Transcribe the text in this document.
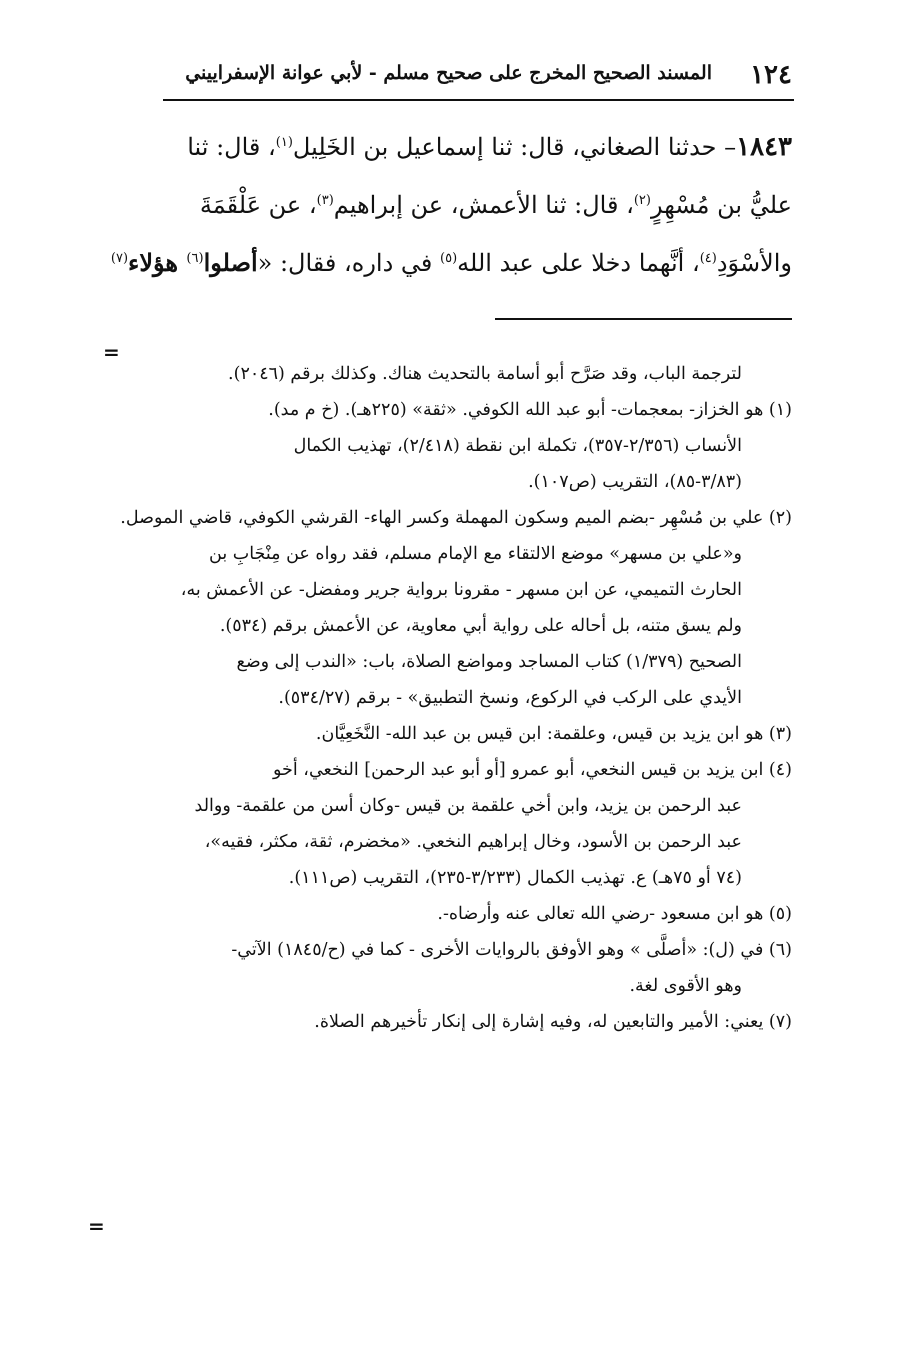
١٢٤
المسند الصحيح المخرج على صحيح مسلم - لأبي عوانة الإسفراييني
١٨٤٣– حدثنا الصغاني، قال: ثنا إسماعيل بن الخَلِيل$^{(١)}$، قال: ثنا
عليُّ بن مُسْهِرٍ$^{(٢)}$، قال: ثنا الأعمش، عن إبراهيم$^{(٣)}$، عن عَلْقَمَةَ
والأسْوَدِ$^{(٤)}$، أنَّهما دخلا على عبد الله$^{(٥)}$ في داره، فقال: «أصلوا$^{(٦)}$ هؤلاء$^{(٧)}$
=
لترجمة الباب، وقد صَرَّح أبو أسامة بالتحديث هناك. وكذلك برقم (٢٠٤٦).
(١) هو الخزاز- بمعجمات- أبو عبد الله الكوفي. «ثقة» (٢٢٥هـ). (خ م مد).
الأنساب (٢/٣٥٦-٣٥٧)، تكملة ابن نقطة (٢/٤١٨)، تهذيب الكمال
(٣/٨٣-٨٥)، التقريب (ص١٠٧).
(٢) علي بن مُسْهِر -بضم الميم وسكون المهملة وكسر الهاء- القرشي الكوفي، قاضي الموصل.
و«علي بن مسهر» موضع الالتقاء مع الإمام مسلم، فقد رواه عن مِنْجَابِ بن
الحارث التميمي، عن ابن مسهر - مقرونا برواية جرير ومفضل- عن الأعمش به،
ولم يسق متنه، بل أحاله على رواية أبي معاوية، عن الأعمش برقم (٥٣٤).
الصحيح (١/٣٧٩) كتاب المساجد ومواضع الصلاة، باب: «الندب إلى وضع
الأيدي على الركب في الركوع، ونسخ التطبيق» - برقم (٥٣٤/٢٧).
(٣) هو ابن يزيد بن قيس، وعلقمة: ابن قيس بن عبد الله- النَّخَعِيَّان.
(٤) ابن يزيد بن قيس النخعي، أبو عمرو [أو أبو عبد الرحمن] النخعي، أخو
عبد الرحمن بن يزيد، وابن أخي علقمة بن قيس -وكان أسن من علقمة- ووالد
عبد الرحمن بن الأسود، وخال إبراهيم النخعي. «مخضرم، ثقة، مكثر، فقيه»،
(٧٤ أو ٧٥هـ) ع. تهذيب الكمال (٣/٢٣٣-٢٣٥)، التقريب (ص١١١).
(٥) هو ابن مسعود -رضي الله تعالى عنه وأرضاه-.
(٦) في (ل): «أصلَّى » وهو الأوفق بالروايات الأخرى - كما في (ح/١٨٤٥) الآتي-
وهو الأقوى لغة.
(٧) يعني: الأمير والتابعين له، وفيه إشارة إلى إنكار تأخيرهم الصلاة.
=
